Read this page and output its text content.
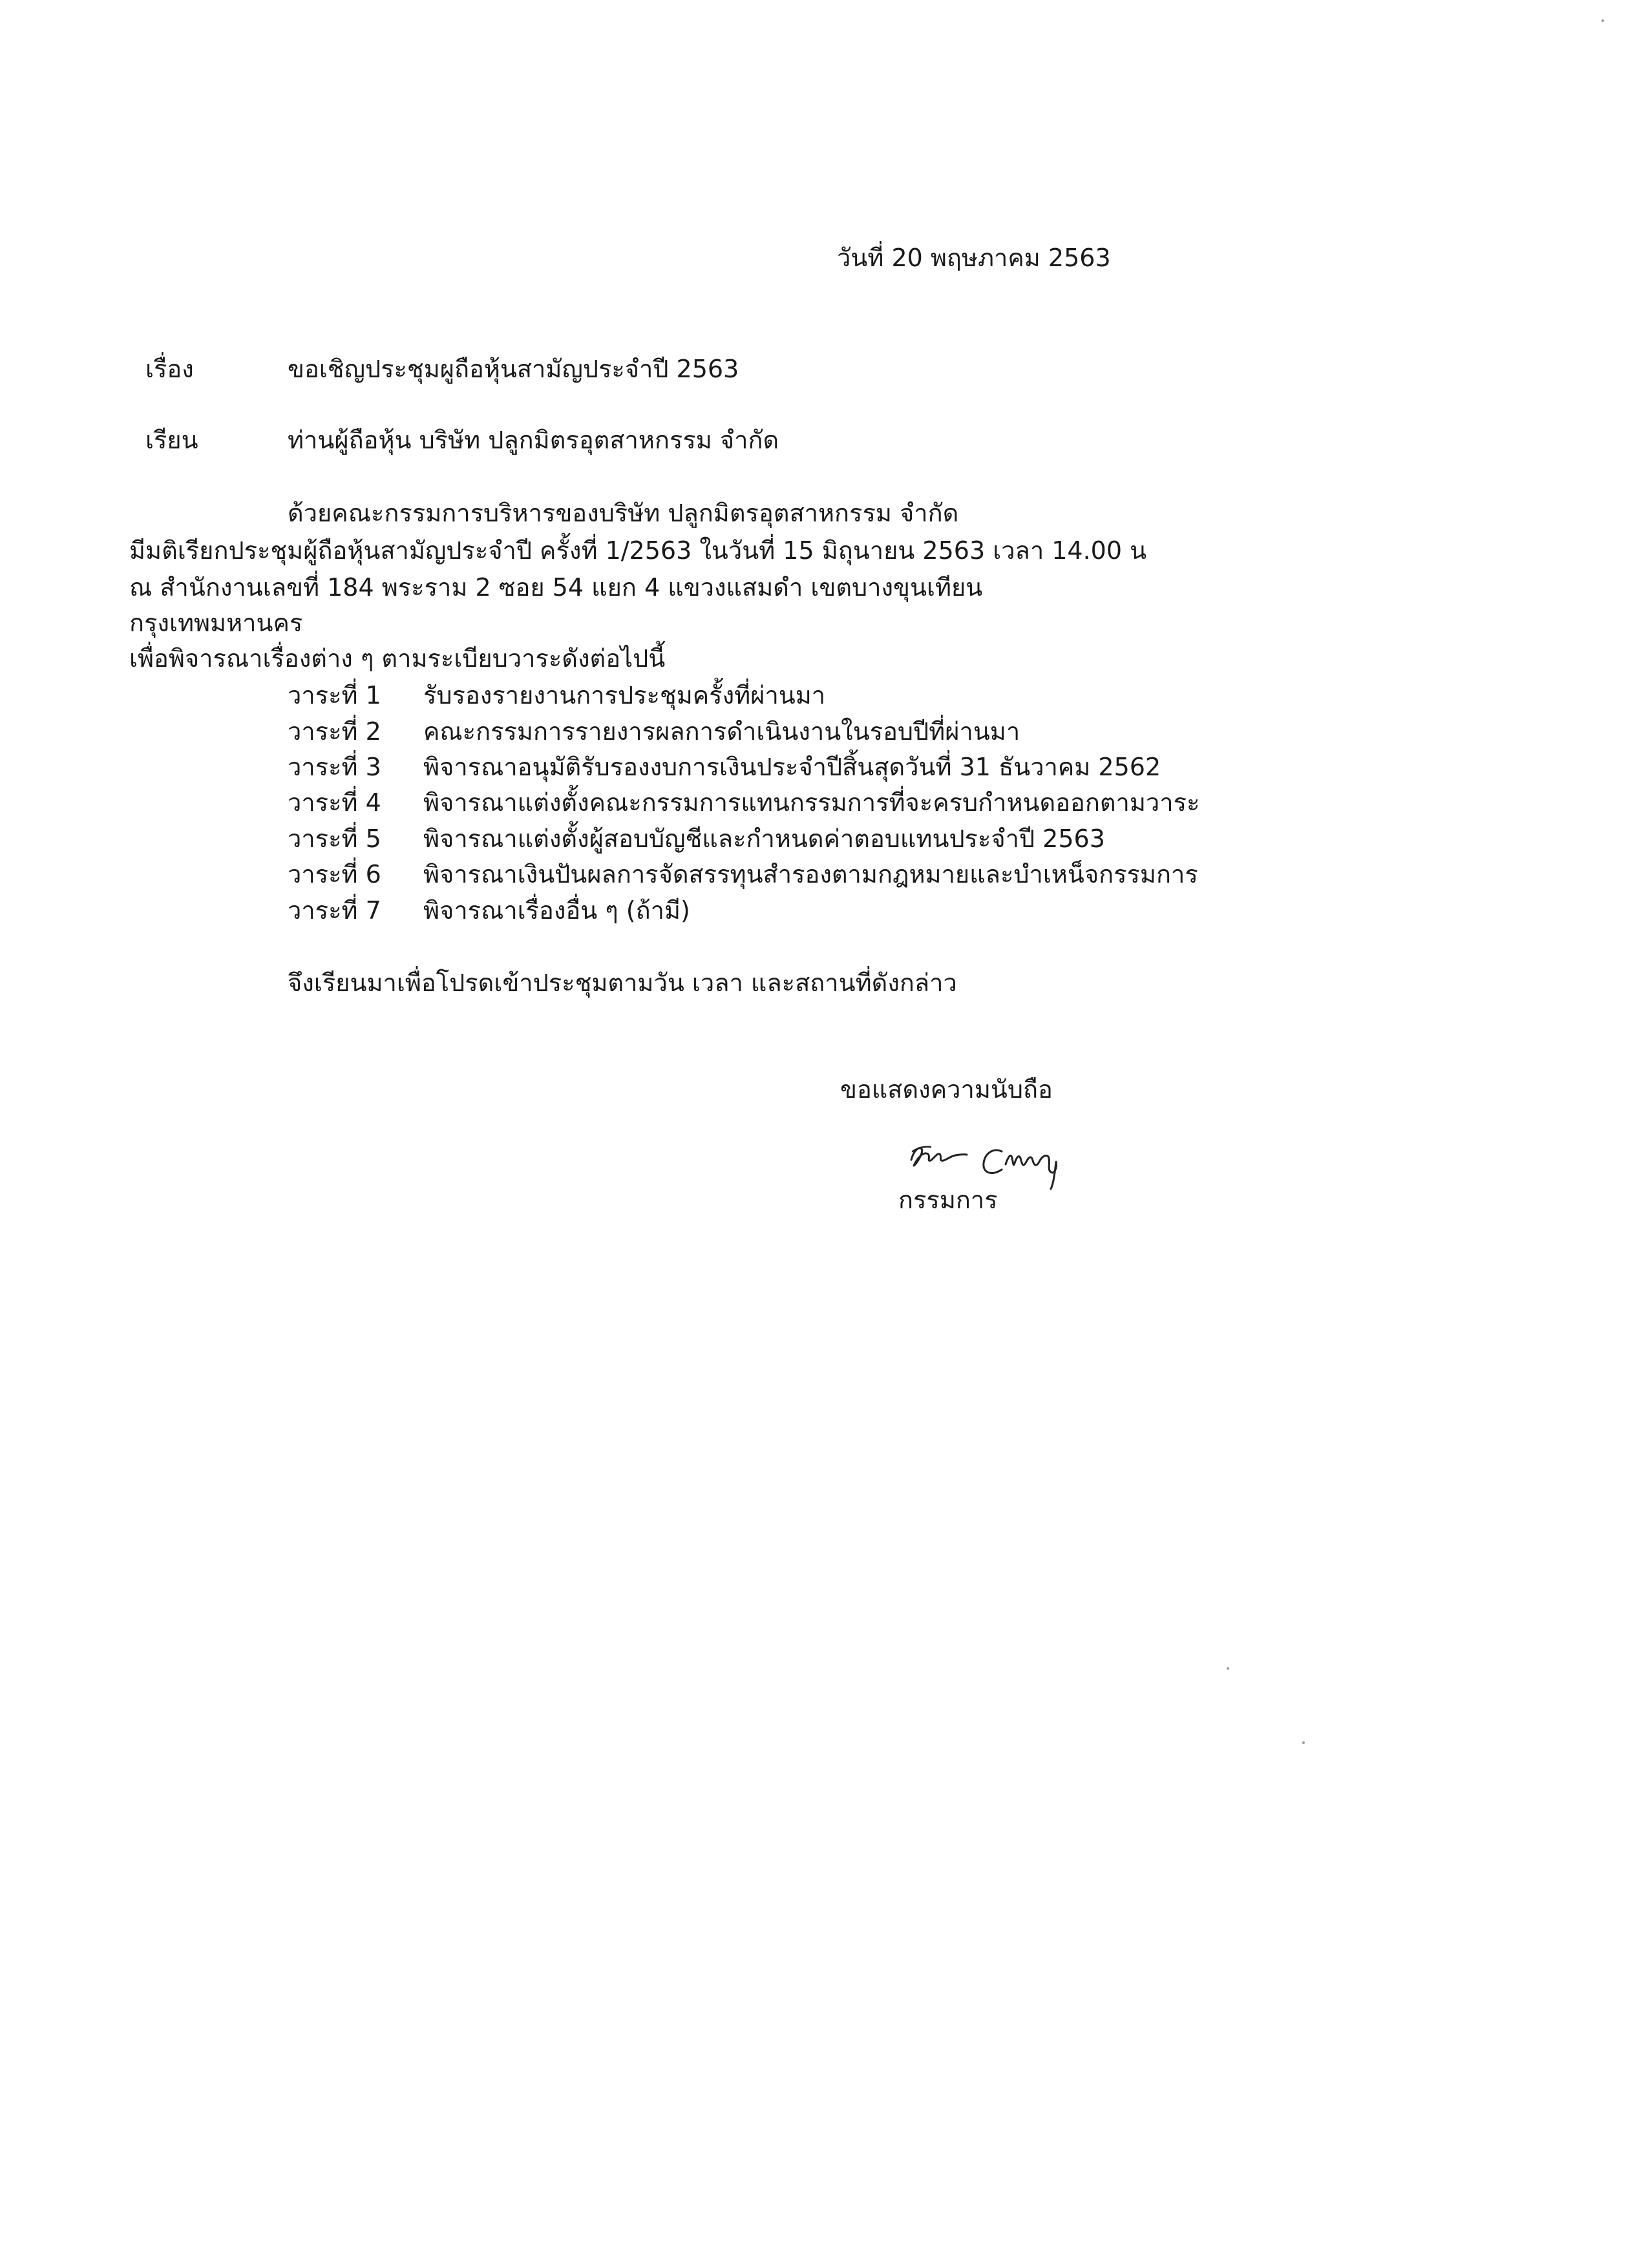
วันที่ 20 พฤษภาคม 2563
เรื่อง	ขอเชิญประชุมผูถือหุ้นสามัญประจำปี 2563
เรียน	ท่านผู้ถือหุ้น บริษัท ปลูกมิตรอุตสาหกรรม จำกัด
ด้วยคณะกรรมการบริหารของบริษัท ปลูกมิตรอุตสาหกรรม จำกัด
มีมติเรียกประชุมผู้ถือหุ้นสามัญประจำปี ครั้งที่ 1/2563 ในวันที่ 15 มิถุนายน 2563 เวลา 14.00 น
ณ สำนักงานเลขที่ 184 พระราม 2 ซอย 54 แยก 4 แขวงแสมดำ เขตบางขุนเทียน
กรุงเทพมหานคร
เพื่อพิจารณาเรื่องต่าง ๆ ตามระเบียบวาระดังต่อไปนี้
วาระที่ 1 รับรองรายงานการประชุมครั้งที่ผ่านมา
วาระที่ 2 คณะกรรมการรายงารผลการดำเนินงานในรอบปีที่ผ่านมา
วาระที่ 3 พิจารณาอนุมัติรับรองงบการเงินประจำปีสิ้นสุดวันที่ 31 ธันวาคม 2562
วาระที่ 4 พิจารณาแต่งตั้งคณะกรรมการแทนกรรมการที่จะครบกำหนดออกตามวาระ
วาระที่ 5 พิจารณาแต่งตั้งผู้สอบบัญชีและกำหนดค่าตอบแทนประจำปี 2563
วาระที่ 6 พิจารณาเงินปันผลการจัดสรรทุนสำรองตามกฎหมายและบำเหน็จกรรมการ
วาระที่ 7 พิจารณาเรื่องอื่น ๆ (ถ้ามี)
จึงเรียนมาเพื่อโปรดเข้าประชุมตามวัน เวลา และสถานที่ดังกล่าว
ขอแสดงความนับถือ
กรรมการ
